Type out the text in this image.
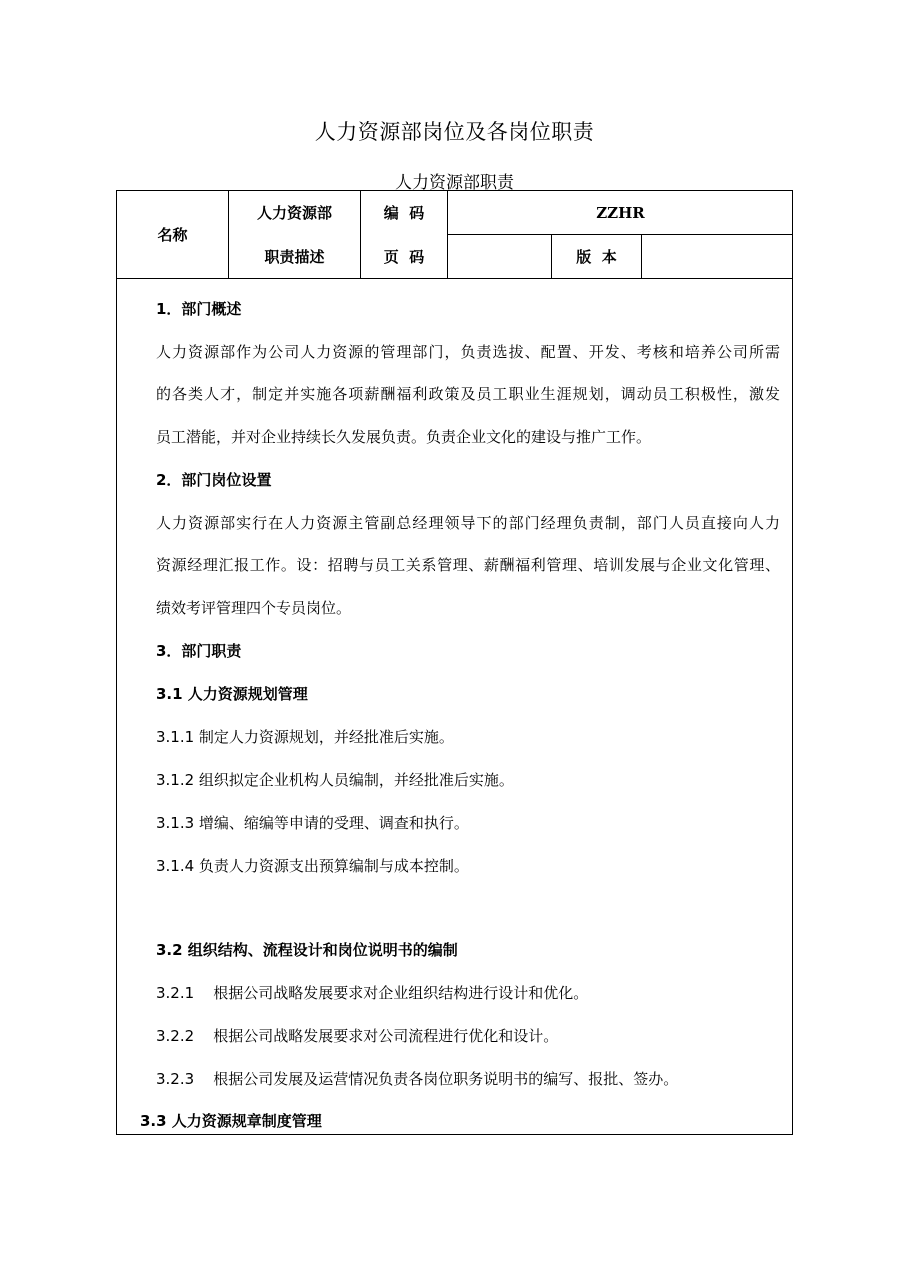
人力资源部岗位及各岗位职责
人力资源部职责
名称
人力资源部
职责描述
编  码	ZZHR
页  码	版  本
1．部门概述
人力资源部作为公司人力资源的管理部门，负责选拔、配置、开发、考核和培养公司所需
的各类人才，制定并实施各项薪酬福利政策及员工职业生涯规划，调动员工积极性，激发
员工潜能，并对企业持续长久发展负责。负责企业文化的建设与推广工作。
2．部门岗位设置
人力资源部实行在人力资源主管副总经理领导下的部门经理负责制，部门人员直接向人力
资源经理汇报工作。设：招聘与员工关系管理、薪酬福利管理、培训发展与企业文化管理、
绩效考评管理四个专员岗位。
3．部门职责
3.1 人力资源规划管理
3.1.1 制定人力资源规划，并经批准后实施。
3.1.2 组织拟定企业机构人员编制，并经批准后实施。
3.1.3 增编、缩编等申请的受理、调查和执行。
3.1.4 负责人力资源支出预算编制与成本控制。
3.2 组织结构、流程设计和岗位说明书的编制
3.2.1    根据公司战略发展要求对企业组织结构进行设计和优化。
3.2.2    根据公司战略发展要求对公司流程进行优化和设计。
3.2.3    根据公司发展及运营情况负责各岗位职务说明书的编写、报批、签办。
3.3 人力资源规章制度管理
